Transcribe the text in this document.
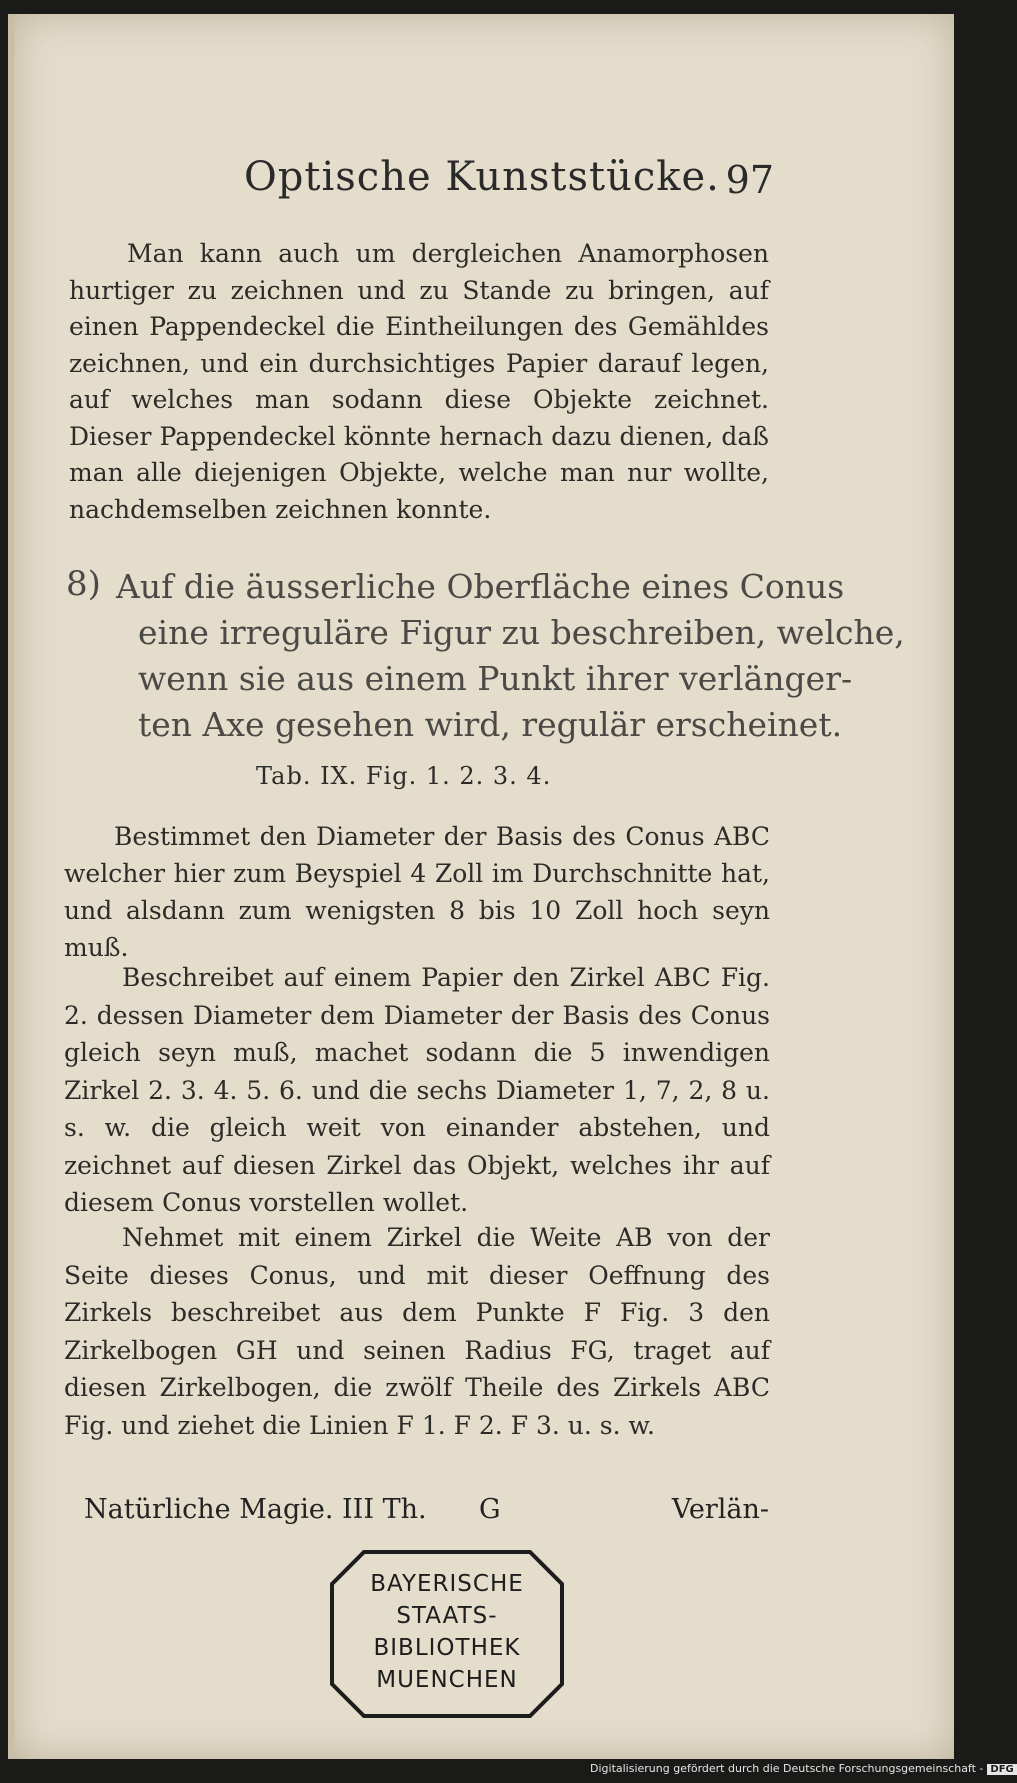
Optische Kunststücke. 97
Man kann auch um dergleichen Anamorphosen hurtiger zu zeichnen und zu Stande zu bringen, auf einen Pappendeckel die Eintheilungen des Gemähldes zeichnen, und ein durchsichtiges Papier darauf legen, auf welches man sodann diese Objekte zeichnet. Dieser Pappendeckel könnte hernach dazu dienen, daß man alle diejenigen Objekte, welche man nur wollte, nachdemselben zeichnen konnte.
8) Auf die äusserliche Oberfläche eines Conus
eine irreguläre Figur zu beschreiben, welche,
wenn sie aus einem Punkt ihrer verlänger-
ten Axe gesehen wird, regulär erscheinet.
Tab. IX. Fig. 1. 2. 3. 4.
Bestimmet den Diameter der Basis des Conus ABC welcher hier zum Beyspiel 4 Zoll im Durchschnitte hat, und alsdann zum wenigsten 8 bis 10 Zoll hoch seyn muß.
Beschreibet auf einem Papier den Zirkel ABC Fig. 2. dessen Diameter dem Diameter der Basis des Conus gleich seyn muß, machet sodann die 5 inwendigen Zirkel 2. 3. 4. 5. 6. und die sechs Diameter 1, 7, 2, 8 u. s. w. die gleich weit von einander abstehen, und zeichnet auf diesen Zirkel das Objekt, welches ihr auf diesem Conus vorstellen wollet.
Nehmet mit einem Zirkel die Weite AB von der Seite dieses Conus, und mit dieser Oeffnung des Zirkels beschreibet aus dem Punkte F Fig. 3 den Zirkelbogen GH und seinen Radius FG, traget auf diesen Zirkelbogen, die zwölf Theile des Zirkels ABC Fig. und ziehet die Linien F 1. F 2. F 3. u. s. w.
Natürliche Magie. III Th. G	Verlän-
BAYERISCHE
STAATS-
BIBLIOTHEK
MUENCHEN
Digitalisierung gefördert durch die Deutsche Forschungsgemeinschaft - DFG
